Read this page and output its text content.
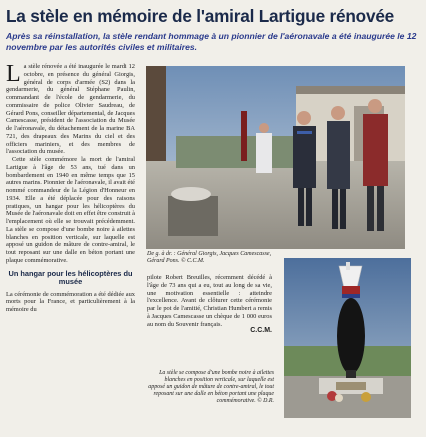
La stèle en mémoire de l'amiral Lartigue rénovée
Après sa réinstallation, la stèle rendant hommage à un pionnier de l'aéronavale a été inaugurée le 12 novembre par les autorités civiles et militaires.

La stèle rénovée a été inaugurée le mardi 12 octobre, en présence du général Giorgis, général de corps d'armée (S2) dans la gendarmerie, du général Stéphane Paulin, commandant de l'école de gendarmerie, du commissaire de police Olivier Saudreau, de Gérard Pons, conseiller départemental, de Jacques Camescasse, président de l'association du Musée de l'aéronavale, du détachement de la marine BA 721, des drapeaux des Marins du ciel et des officiers mariniers, et des membres de l'association du musée.

Cette stèle commémore la mort de l'amiral Lartigue à l'âge de 53 ans, tué dans un bombardement en 1940 en même temps que 15 autres marins. Pionnier de l'aéronavale, il avait été nommé commandeur de la Légion d'Honneur en 1934. Elle a été déplacée pour des raisons pratiques, un hangar pour les hélicoptères du Musée de l'aéronavale doit en effet être construit à l'emplacement où elle se trouvait précédemment. La stèle se compose d'une bombe noire à ailettes blanches en position verticale, sur laquelle est apposé un guidon de mâture de contre-amiral, le tout reposant sur une dalle en béton portant une plaque commémorative.

Un hangar pour les hélicoptères du musée

La cérémonie de commémoration a été dédiée aux morts pour la France, et particulièrement à la mémoire du

De g. à dr. : Général Giorgis, Jacques Camescasse, Gérard Pons. © C.C.M.

pilote Robert Breuilles, récemment décédé à l'âge de 73 ans qui a eu, tout au long de sa vie, une motivation essentielle : atteindre l'excellence. Avant de clôturer cette cérémonie par le pot de l'amitié, Christian Humbert a remis à Jacques Camescasse un chèque de 1 000 euros au nom du Souvenir français.

C.C.M.
La stèle se compose d'une bombe noire à ailettes blanches en position verticale, sur laquelle est apposé un guidon de mâture de contre-amiral, le tout reposant sur une dalle en béton portant une plaque commémorative. © D.R.
